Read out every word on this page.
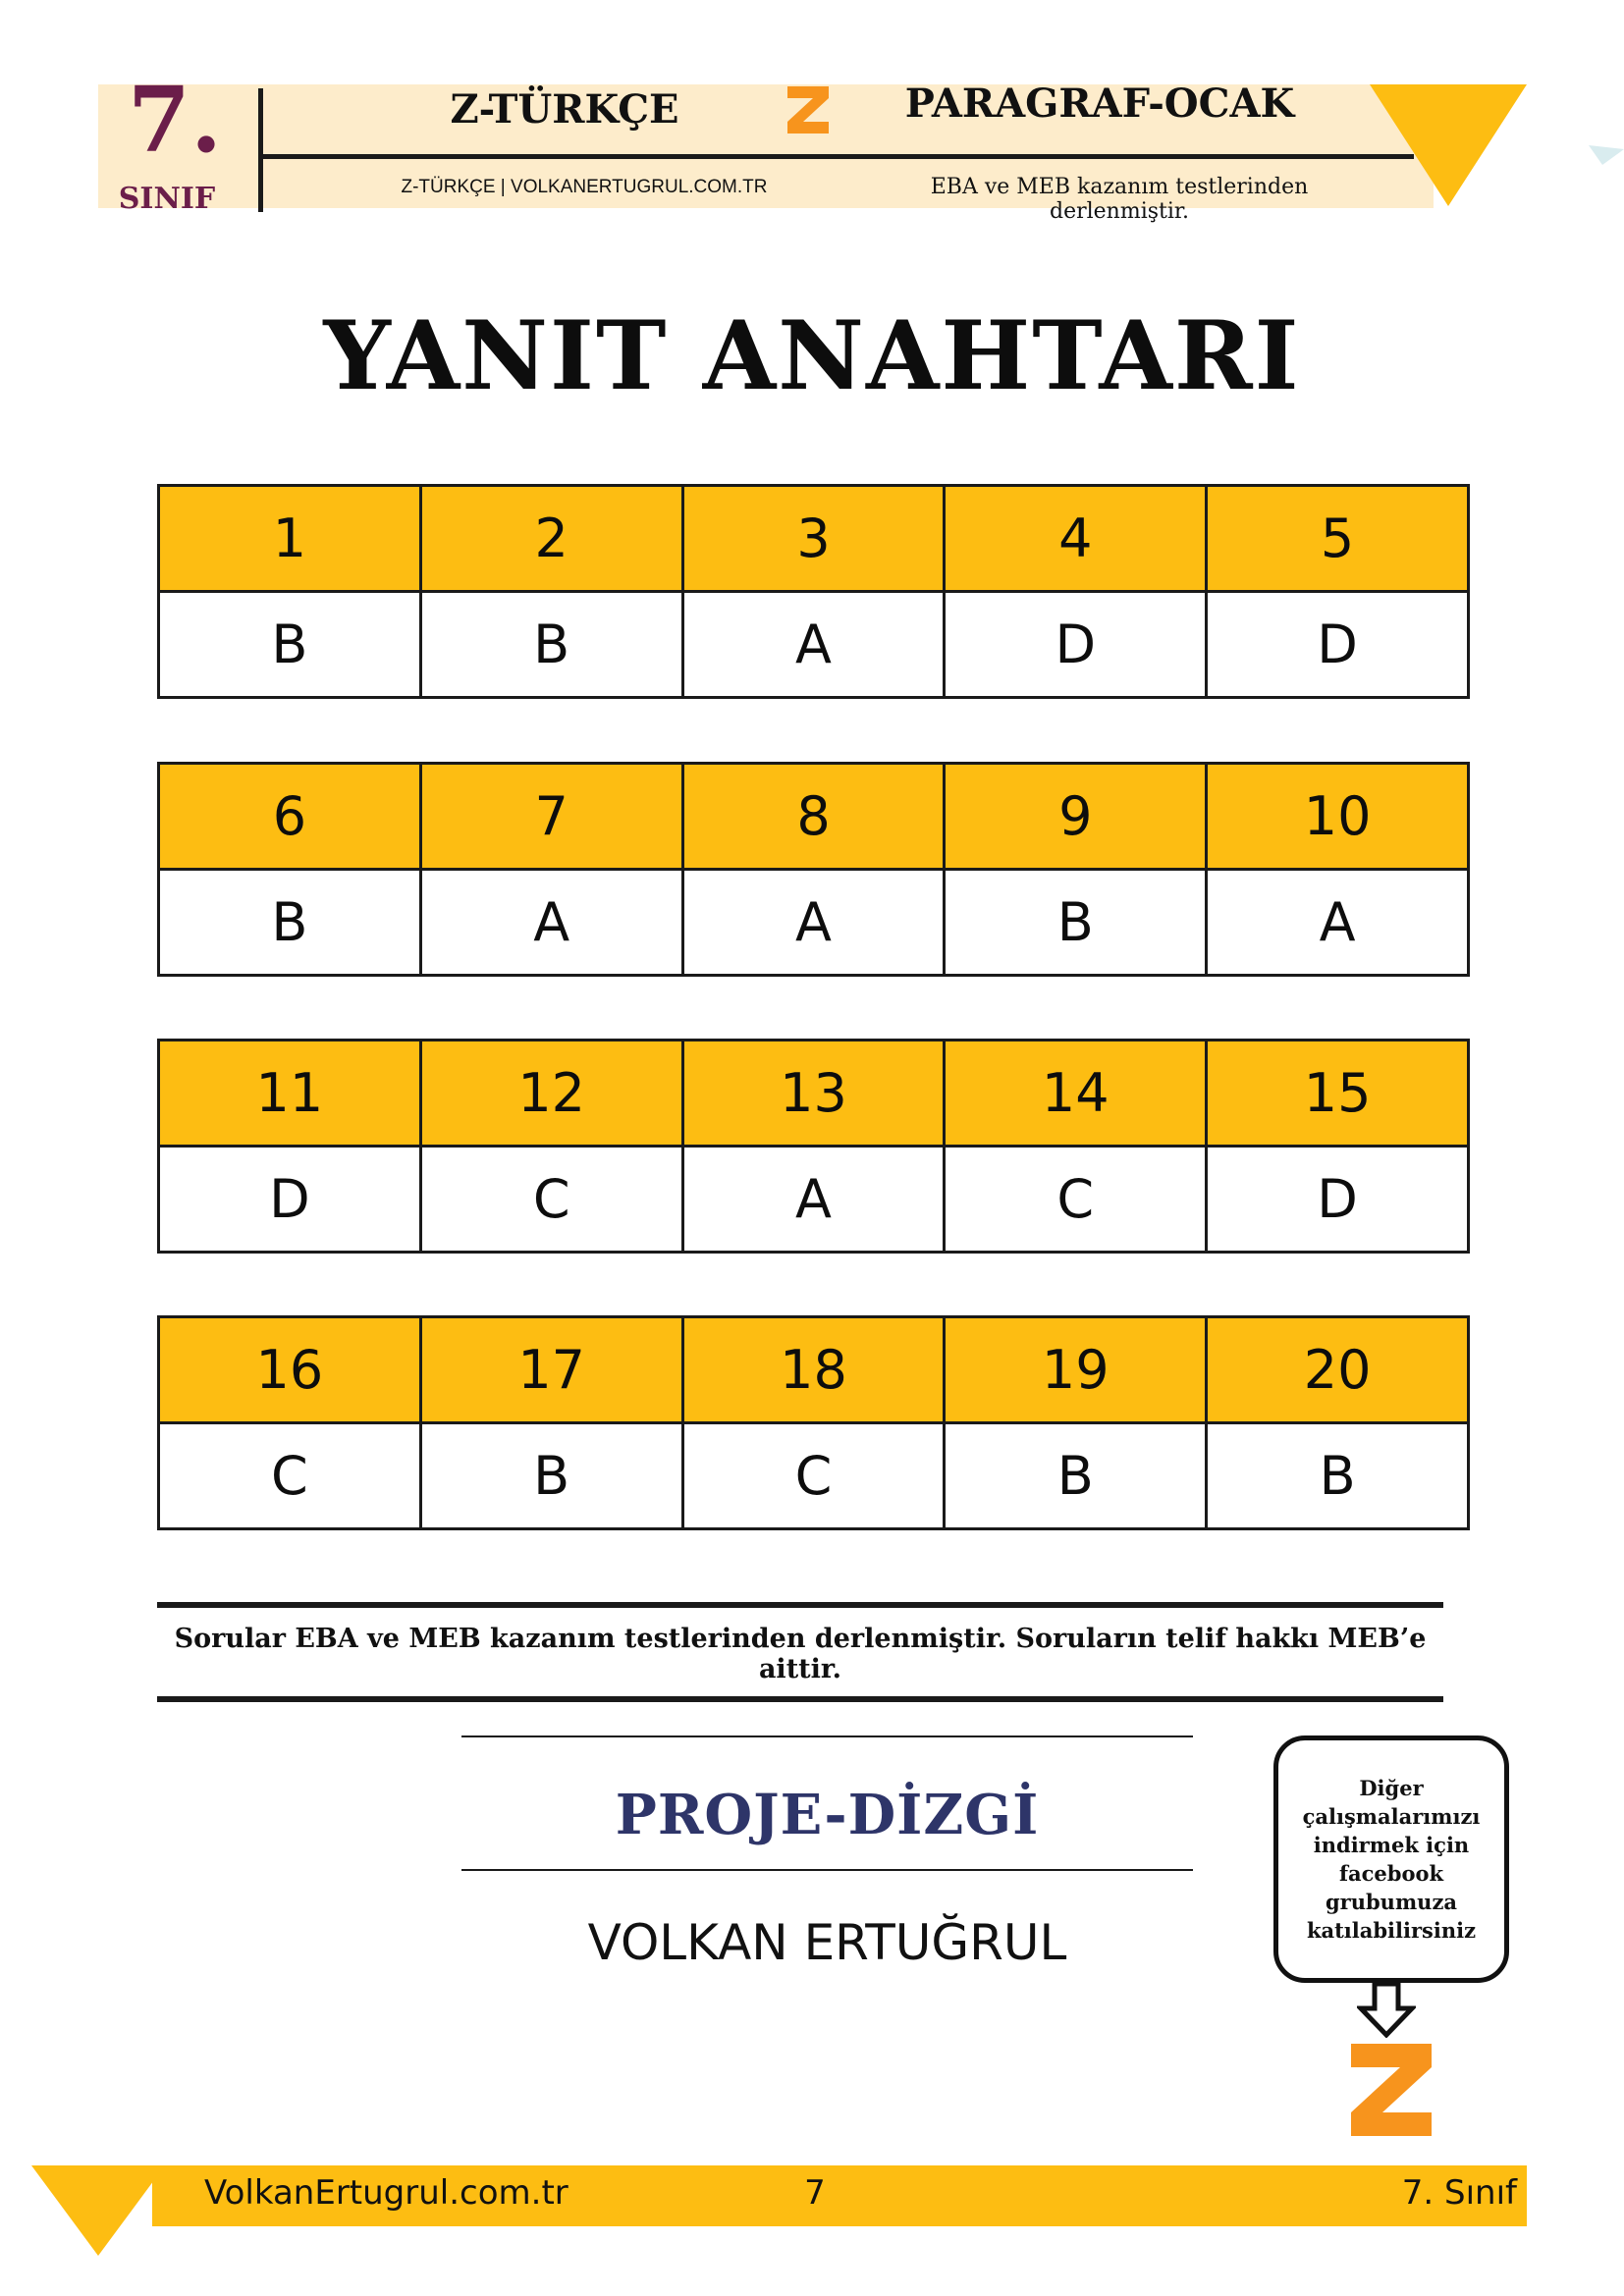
7.
SINIF
Z-TÜRKÇE	PARAGRAF-OCAK
Z-TÜRKÇE | VOLKANERTUGRUL.COM.TR	EBA ve MEB kazanım testlerinden derlenmiştir.
YANIT ANAHTARI
1	2	3	4	5
B	B	A	D	D
6	7	8	9	10
B	A	A	B	A
11	12	13	14	15
D	C	A	C	D
16	17	18	19	20
C	B	C	B	B
Sorular EBA ve MEB kazanım testlerinden derlenmiştir. Soruların telif hakkı MEB’e aittir.
PROJE-DİZGİ
VOLKAN ERTUĞRUL
Diğer
çalışmalarımızı
indirmek için
facebook
grubumuza
katılabilirsiniz
VolkanErtugrul.com.tr	7	7. Sınıf
